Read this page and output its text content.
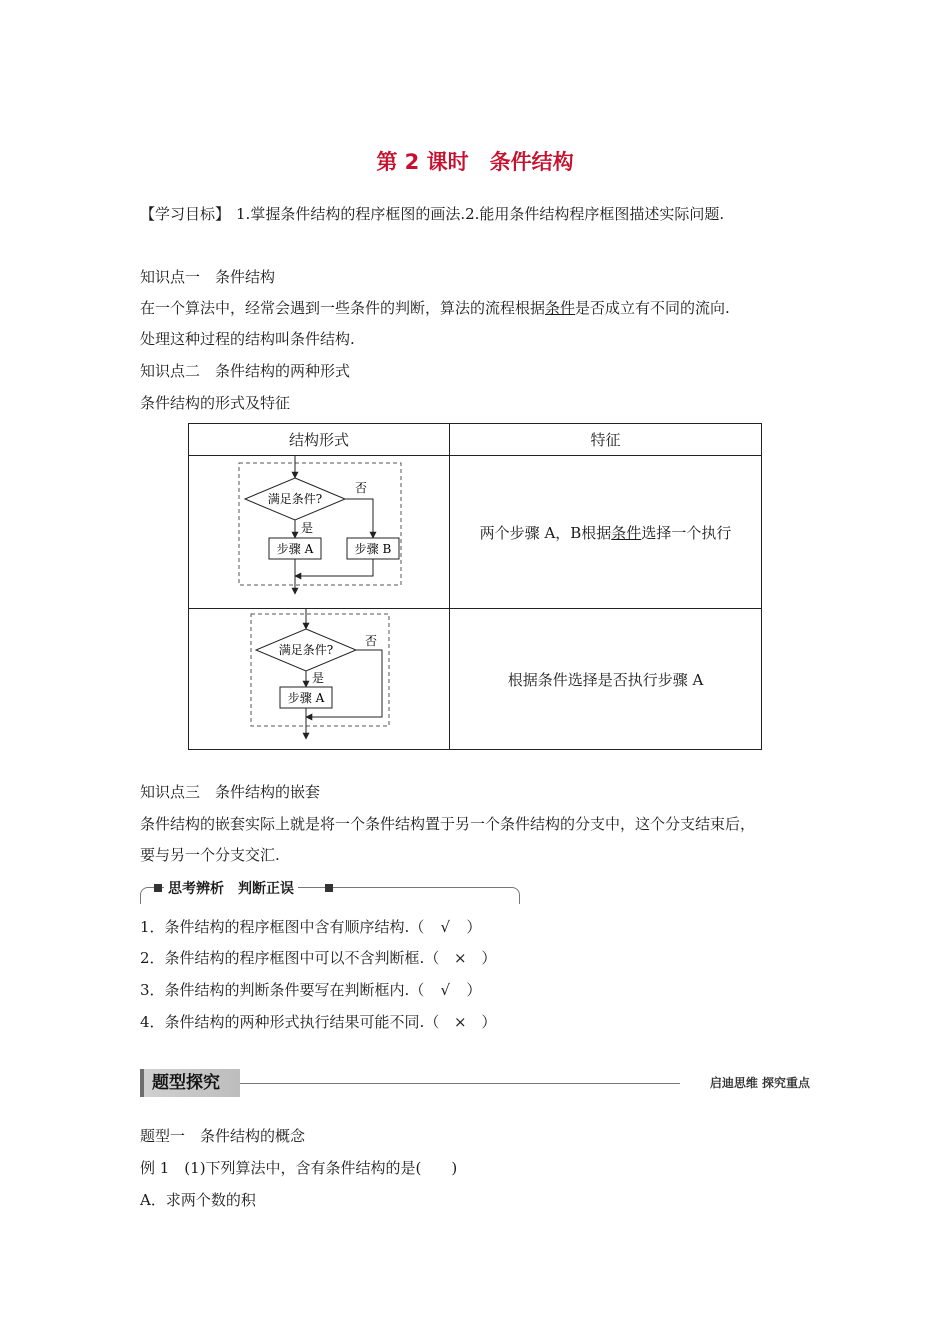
第 2 课时　条件结构
【学习目标】 1.掌握条件结构的程序框图的画法.2.能用条件结构程序框图描述实际问题.
知识点一　条件结构
在一个算法中，经常会遇到一些条件的判断，算法的流程根据条件是否成立有不同的流向.
处理这种过程的结构叫条件结构.
知识点二　条件结构的两种形式
条件结构的形式及特征
结构形式	特征

满足条件?
是
否
步骤 A 步骤 B	两个步骤 A，B根据条件选择一个执行

满足条件?
是
否
步骤 A	根据条件选择是否执行步骤 A
知识点三　条件结构的嵌套
条件结构的嵌套实际上就是将一个条件结构置于另一个条件结构的分支中，这个分支结束后，
要与另一个分支交汇.
思考辨析　判断正误
1．条件结构的程序框图中含有顺序结构.（ √ ）
2．条件结构的程序框图中可以不含判断框.（ × ）
3．条件结构的判断条件要写在判断框内.（ √ ）
4．条件结构的两种形式执行结果可能不同.（ × ）
题型探究	启迪思维 探究重点
题型一　条件结构的概念
例 1　(1)下列算法中，含有条件结构的是(　　)
A．求两个数的积
